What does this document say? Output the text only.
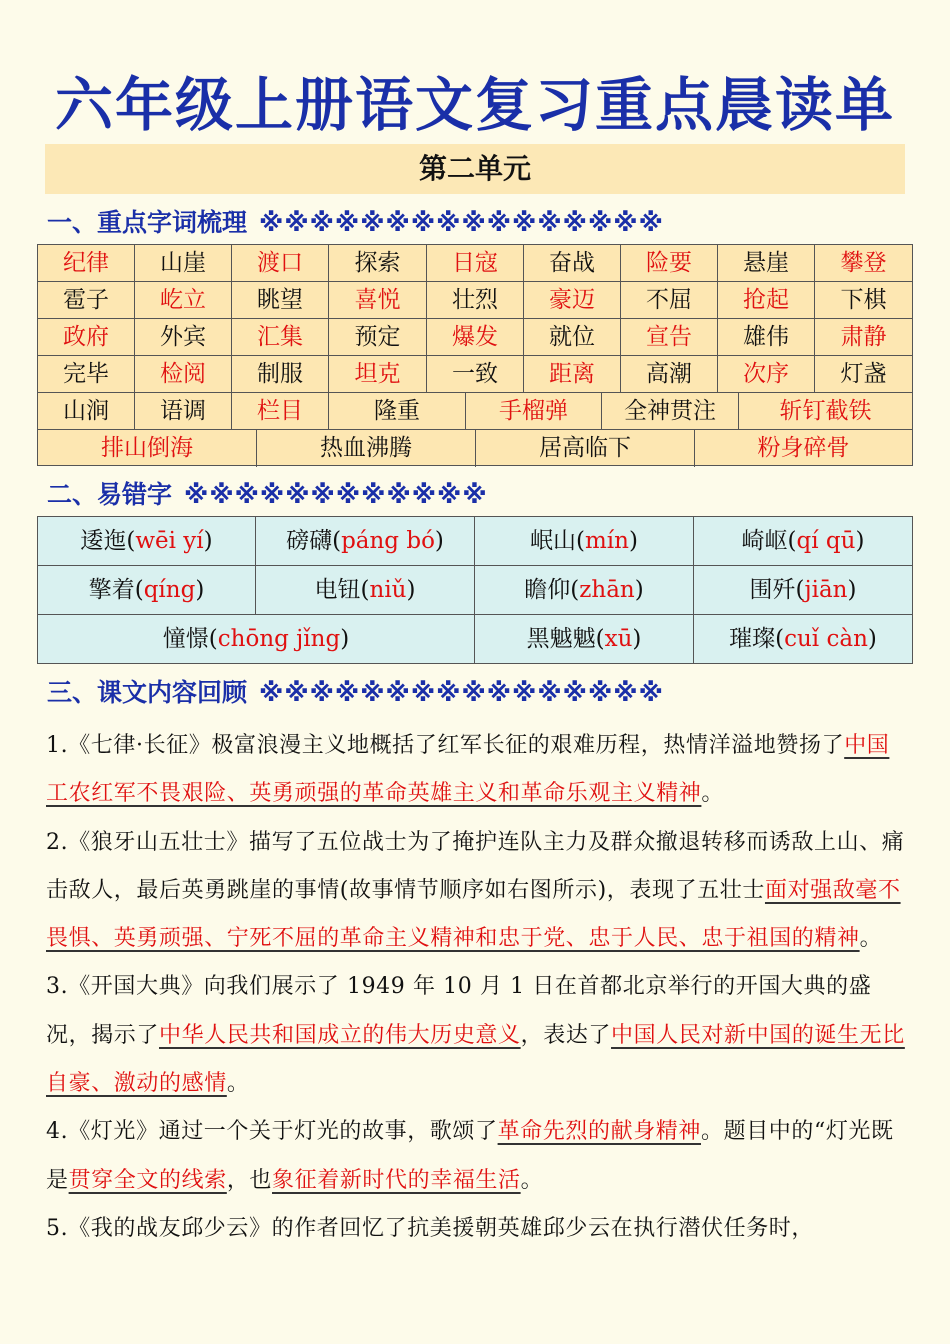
六年级上册语文复习重点晨读单
第二单元
一、重点字词梳理 ※※※※※※※※※※※※※※※※
纪律	山崖	渡口	探索	日寇	奋战	险要	悬崖	攀登
雹子	屹立	眺望	喜悦	壮烈	豪迈	不屈	抢起	下棋
政府	外宾	汇集	预定	爆发	就位	宣告	雄伟	肃静
完毕	检阅	制服	坦克	一致	距离	高潮	次序	灯盏
山涧	语调	栏目	隆重	手榴弹	全神贯注	斩钉截铁
排山倒海	热血沸腾	居高临下	粉身碎骨
二、易错字 ※※※※※※※※※※※※
逶迤(wēi yí)	磅礴(páng bó)	岷山(mín)	崎岖(qí qū)
擎着(qíng)	电钮(niǔ)	瞻仰(zhān)	围歼(jiān)
憧憬(chōng jǐng)	黑魆魆(xū)	璀璨(cuǐ càn)
三、课文内容回顾 ※※※※※※※※※※※※※※※※

1.《七律·长征》极富浪漫主义地概括了红军长征的艰难历程，热情洋溢地赞扬了中国工农红军不畏艰险、英勇顽强的革命英雄主义和革命乐观主义精神。

2.《狼牙山五壮士》描写了五位战士为了掩护连队主力及群众撤退转移而诱敌上山、痛击敌人，最后英勇跳崖的事情(故事情节顺序如右图所示)，表现了五壮士面对强敌毫不畏惧、英勇顽强、宁死不屈的革命主义精神和忠于党、忠于人民、忠于祖国的精神。

3.《开国大典》向我们展示了 1949 年 10 月 1 日在首都北京举行的开国大典的盛况，揭示了中华人民共和国成立的伟大历史意义，表达了中国人民对新中国的诞生无比自豪、激动的感情。

4.《灯光》通过一个关于灯光的故事，歌颂了革命先烈的献身精神。题目中的“灯光既是贯穿全文的线索，也象征着新时代的幸福生活。

5.《我的战友邱少云》的作者回忆了抗美援朝英雄邱少云在执行潜伏任务时，
